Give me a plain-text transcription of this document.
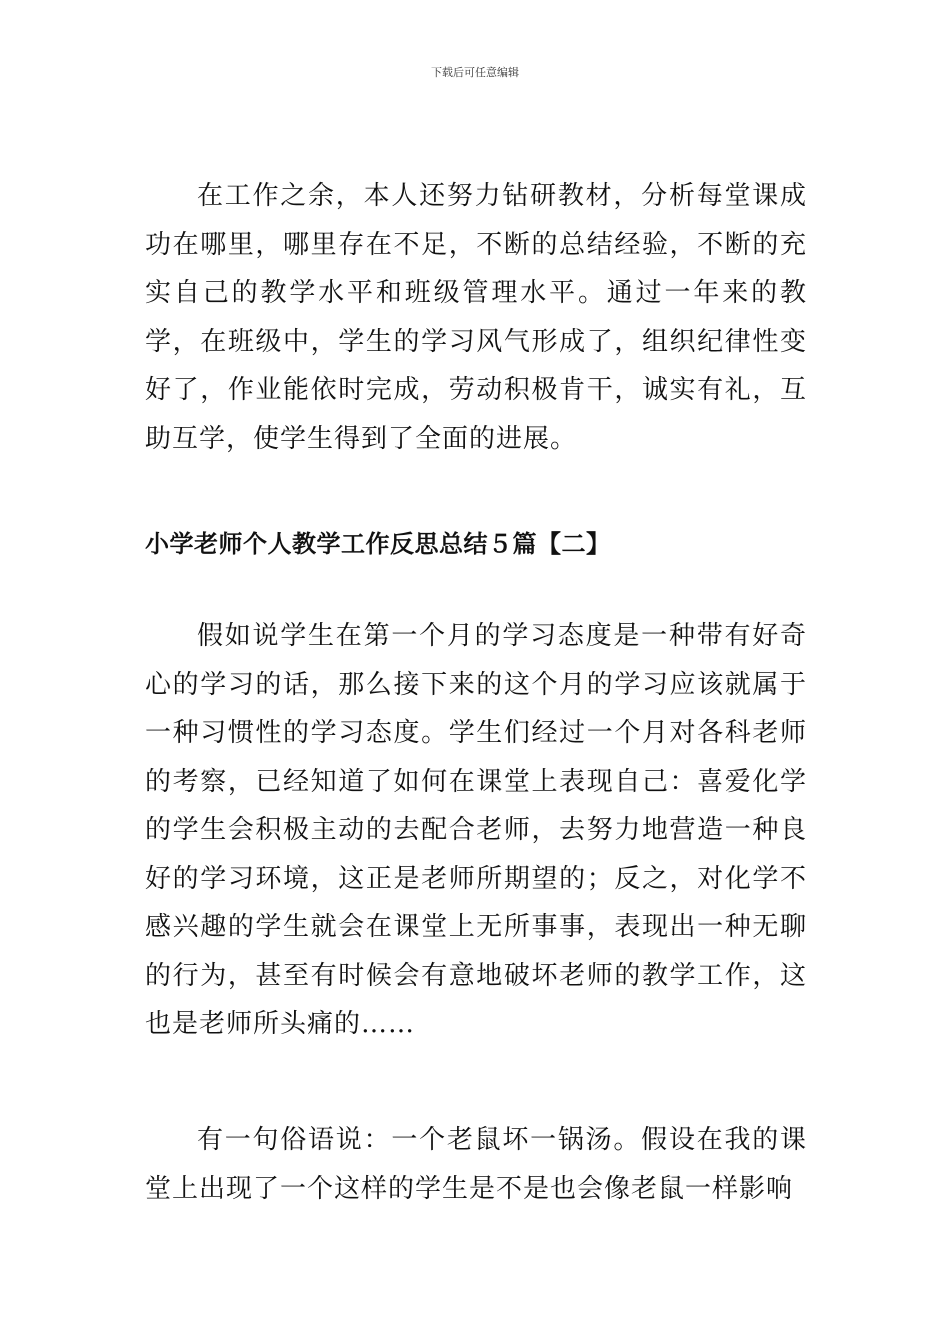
下载后可任意编辑

在工作之余，本人还努力钻研教材，分析每堂课成功在哪里，哪里存在不足，不断的总结经验，不断的充实自己的教学水平和班级管理水平。通过一年来的教学，在班级中，学生的学习风气形成了，组织纪律性变好了，作业能依时完成，劳动积极肯干，诚实有礼，互助互学，使学生得到了全面的进展。

小学老师个人教学工作反思总结５篇【二】

假如说学生在第一个月的学习态度是一种带有好奇心的学习的话，那么接下来的这个月的学习应该就属于一种习惯性的学习态度。学生们经过一个月对各科老师的考察，已经知道了如何在课堂上表现自己：喜爱化学的学生会积极主动的去配合老师，去努力地营造一种良好的学习环境，这正是老师所期望的；反之，对化学不感兴趣的学生就会在课堂上无所事事，表现出一种无聊的行为，甚至有时候会有意地破坏老师的教学工作，这也是老师所头痛的……

有一句俗语说：一个老鼠坏一锅汤。假设在我的课堂上出现了一个这样的学生是不是也会像老鼠一样影响
